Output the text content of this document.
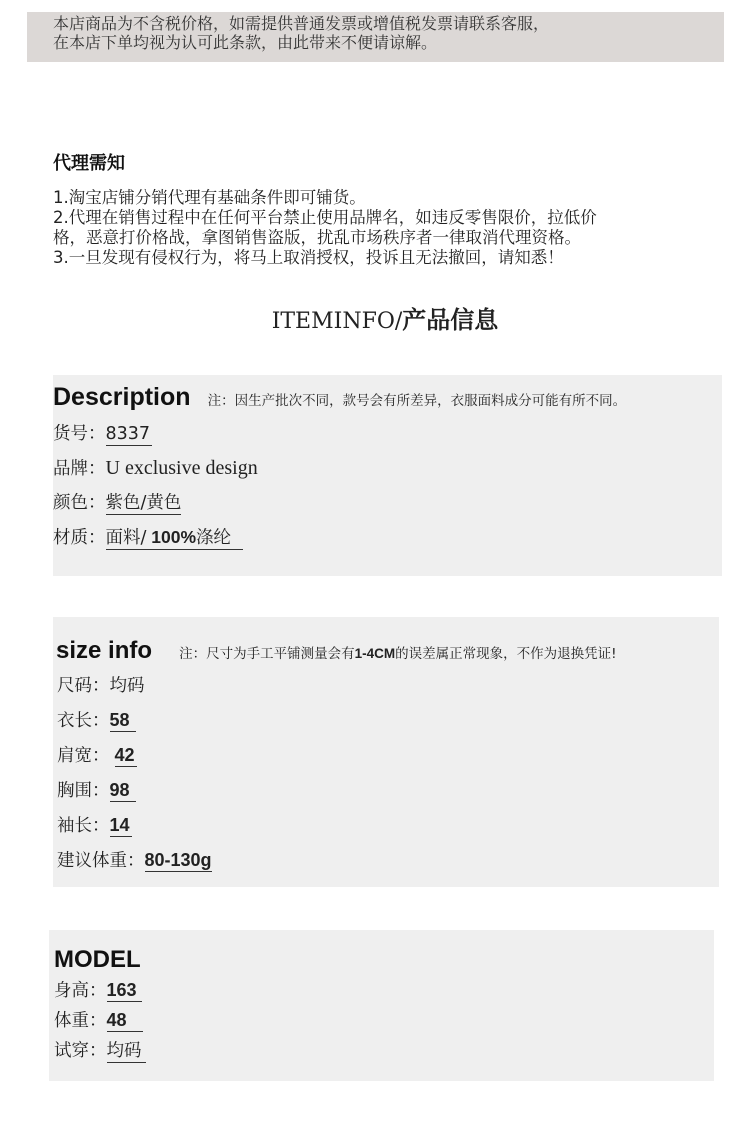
本店商品为不含税价格，如需提供普通发票或增值税发票请联系客服，
在本店下单均视为认可此条款，由此带来不便请谅解。
代理需知
1.淘宝店铺分销代理有基础条件即可铺货。
2.代理在销售过程中在任何平台禁止使用品牌名，如违反零售限价，拉低价
格，恶意打价格战，拿图销售盗版，扰乱市场秩序者一律取消代理资格。
3.一旦发现有侵权行为，将马上取消授权，投诉且无法撤回，请知悉！
ITEMINFO/产品信息
Description 注：因生产批次不同，款号会有所差异，衣服面料成分可能有所不同。
货号：8337
品牌：U exclusive design
颜色：紫色/黄色
材质：面料/ 100%涤纶
size info 注：尺寸为手工平铺测量会有1-4CM的误差属正常现象，不作为退换凭证!
尺码：均码
衣长：58
肩宽： 42
胸围：98
袖长：14
建议体重：80-130g
MODEL
身高：163
体重：48
试穿：均码
